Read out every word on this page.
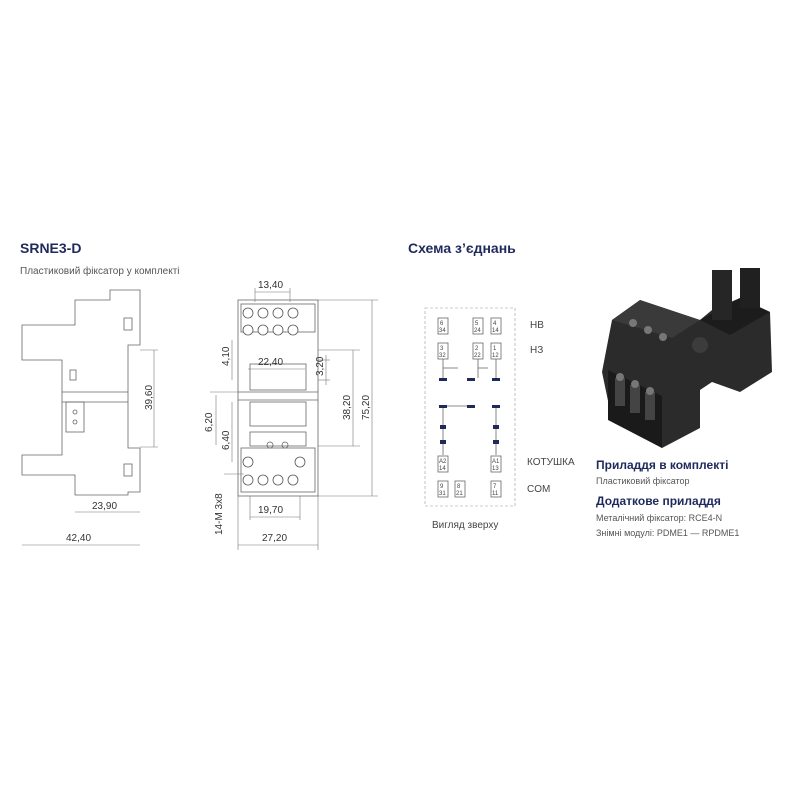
SRNE3-D
Пластиковий фіксатор у комплекті
39,60
23,90
42,40
13,40
4,10	22,40	3,20
6,20
6,40
38,20 75,20
14-М 3х8	19,70
27,20
Схема з’єднань
6
34
5
24
4
14
3
32
2
22
1
12
A2
14
A1
13
9
31
8
21
7
11
НВ
НЗ
КОТУШКА
COM
Вигляд зверху
Приладдя в комплекті
Пластиковий фіксатор
Додаткове приладдя
Металічний фіксатор: RCE4-N
Знімні модулі: PDME1 — RPDME1
